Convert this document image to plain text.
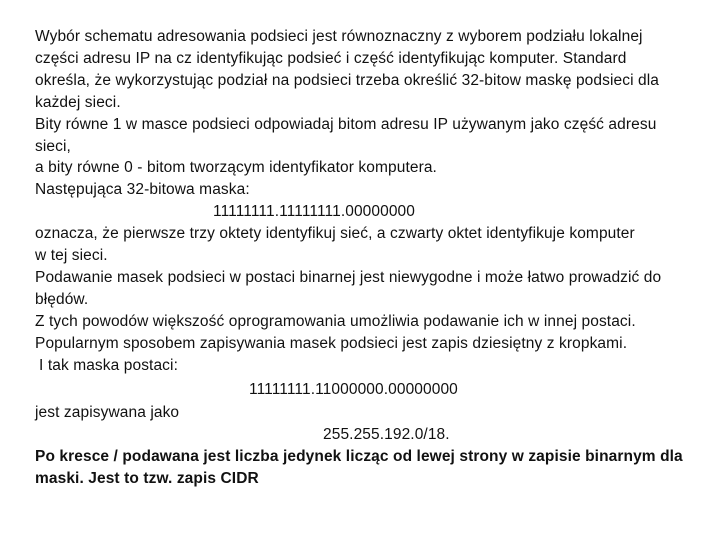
Wybór schematu adresowania podsieci jest równoznaczny z wyborem podziału lokalnej
części adresu IP na cz identyfikując podsieć i część identyfikując komputer. Standard
określa, że wykorzystując podział na podsieci trzeba określić 32-bitow maskę podsieci dla
każdej sieci.
Bity równe 1 w masce podsieci odpowiadaj bitom adresu IP używanym jako część adresu
sieci,
a bity równe 0 - bitom tworzącym identyfikator komputera.
Następująca 32-bitowa maska:
11111111.11111111.00000000
oznacza, że pierwsze trzy oktety identyfikuj sieć, a czwarty oktet identyfikuje komputer
w tej sieci.
Podawanie masek podsieci w postaci binarnej jest niewygodne i może łatwo prowadzić do
błędów.
Z tych powodów większość oprogramowania umożliwia podawanie ich w innej postaci.
Popularnym sposobem zapisywania masek podsieci jest zapis dziesiętny z kropkami.
I tak maska postaci:
11111111.11000000.00000000
jest zapisywana jako
255.255.192.0/18.
Po kresce / podawana jest liczba jedynek licząc od lewej strony w zapisie binarnym dla
maski. Jest to tzw. zapis CIDR
